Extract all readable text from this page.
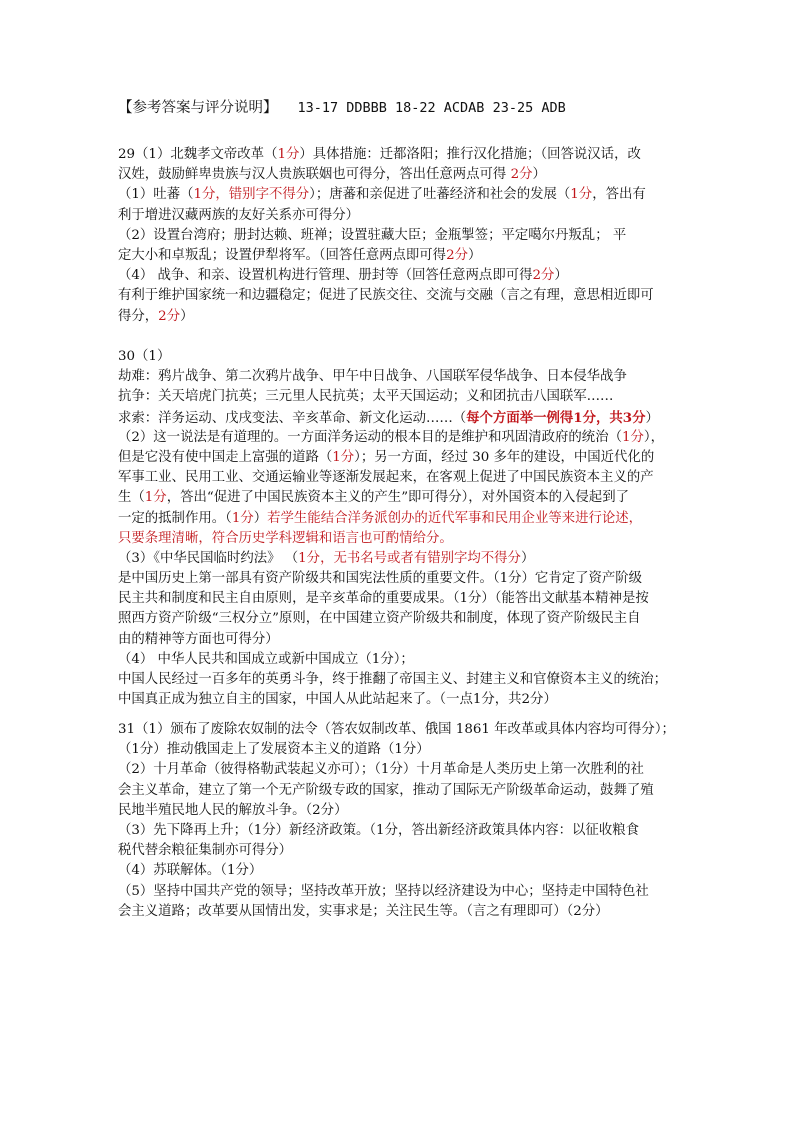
【参考答案与评分说明】 13-17 DDBBB 18-22 ACDAB 23-25 ADB
29（1）北魏孝文帝改革（1分）具体措施：迁都洛阳；推行汉化措施；（回答说汉话，改
汉姓，鼓励鲜卑贵族与汉人贵族联姻也可得分，答出任意两点可得 2分）
（1）吐蕃（1分，错别字不得分）；唐蕃和亲促进了吐蕃经济和社会的发展（1分，答出有
利于增进汉藏两族的友好关系亦可得分）
（2）设置台湾府；册封达赖、班禅；设置驻藏大臣；金瓶掣签；平定噶尔丹叛乱； 平
定大小和卓叛乱；设置伊犁将军。（回答任意两点即可得2分）
（4） 战争、和亲、设置机构进行管理、册封等（回答任意两点即可得2分）
有利于维护国家统一和边疆稳定；促进了民族交往、交流与交融（言之有理，意思相近即可
得分，2分）
30（1）
劫难：鸦片战争、第二次鸦片战争、甲午中日战争、八国联军侵华战争、日本侵华战争
抗争：关天培虎门抗英；三元里人民抗英；太平天国运动；义和团抗击八国联军……
求索：洋务运动、戊戌变法、辛亥革命、新文化运动……（每个方面举一例得1分，共3分）
（2）这一说法是有道理的。一方面洋务运动的根本目的是维护和巩固清政府的统治（1分），
但是它没有使中国走上富强的道路（1分）；另一方面，经过 30 多年的建设，中国近代化的
军事工业、民用工业、交通运输业等逐渐发展起来，在客观上促进了中国民族资本主义的产
生（1分，答出“促进了中国民族资本主义的产生”即可得分），对外国资本的入侵起到了
一定的抵制作用。（1分）若学生能结合洋务派创办的近代军事和民用企业等来进行论述，
只要条理清晰，符合历史学科逻辑和语言也可酌情给分。
（3）《中华民国临时约法》 （1分，无书名号或者有错别字均不得分）
是中国历史上第一部具有资产阶级共和国宪法性质的重要文件。（1分）它肯定了资产阶级
民主共和制度和民主自由原则，是辛亥革命的重要成果。（1分）（能答出文献基本精神是按
照西方资产阶级“三权分立”原则，在中国建立资产阶级共和制度，体现了资产阶级民主自
由的精神等方面也可得分）
（4） 中华人民共和国成立或新中国成立（1分）；
中国人民经过一百多年的英勇斗争，终于推翻了帝国主义、封建主义和官僚资本主义的统治；
中国真正成为独立自主的国家，中国人从此站起来了。（一点1分，共2分）
31（1）颁布了废除农奴制的法令（答农奴制改革、俄国 1861 年改革或具体内容均可得分）；
（1分）推动俄国走上了发展资本主义的道路（1分）
（2）十月革命（彼得格勒武装起义亦可）；（1分）十月革命是人类历史上第一次胜利的社
会主义革命，建立了第一个无产阶级专政的国家，推动了国际无产阶级革命运动，鼓舞了殖
民地半殖民地人民的解放斗争。（2分）
（3）先下降再上升；（1分）新经济政策。（1分，答出新经济政策具体内容：以征收粮食
税代替余粮征集制亦可得分）
（4）苏联解体。（1分）
（5）坚持中国共产党的领导；坚持改革开放；坚持以经济建设为中心；坚持走中国特色社
会主义道路；改革要从国情出发，实事求是；关注民生等。（言之有理即可）（2分）
